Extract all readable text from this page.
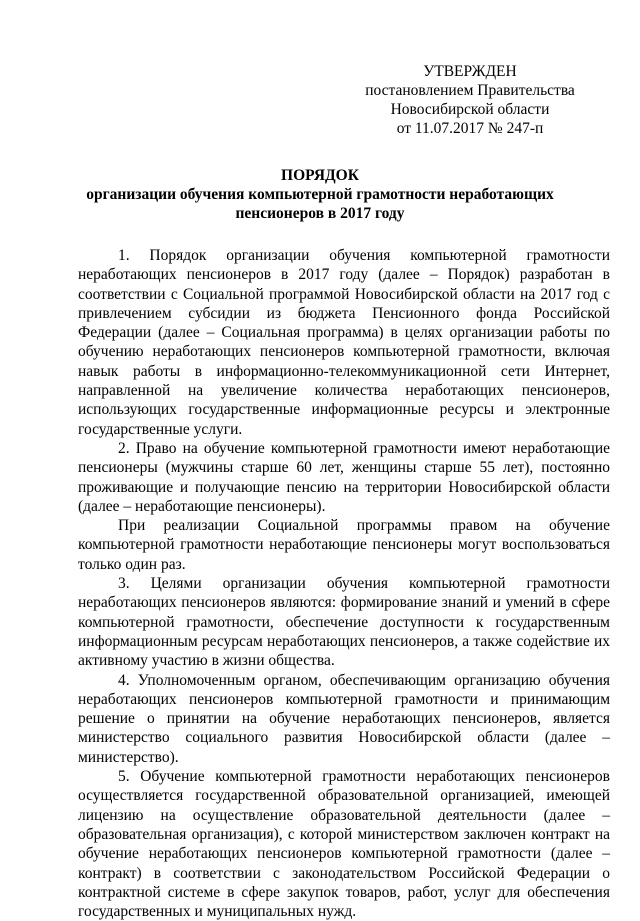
УТВЕРЖДЕН
постановлением Правительства
Новосибирской области
от 11.07.2017 № 247-п
ПОРЯДОК
организации обучения компьютерной грамотности неработающих
пенсионеров в 2017 году

1. Порядок организации обучения компьютерной грамотности неработающих пенсионеров в 2017 году (далее – Порядок) разработан в соответствии с Социальной программой Новосибирской области на 2017 год с привлечением субсидии из бюджета Пенсионного фонда Российской Федерации (далее – Социальная программа) в целях организации работы по обучению неработающих пенсионеров компьютерной грамотности, включая навык работы в информационно-телекоммуникационной сети Интернет, направленной на увеличение количества неработающих пенсионеров, использующих государственные информационные ресурсы и электронные государственные услуги.

2. Право на обучение компьютерной грамотности имеют неработающие пенсионеры (мужчины старше 60 лет, женщины старше 55 лет), постоянно проживающие и получающие пенсию на территории Новосибирской области (далее – неработающие пенсионеры).

При реализации Социальной программы правом на обучение компьютерной грамотности неработающие пенсионеры могут воспользоваться только один раз.

3. Целями организации обучения компьютерной грамотности неработающих пенсионеров являются: формирование знаний и умений в сфере компьютерной грамотности, обеспечение доступности к государственным информационным ресурсам неработающих пенсионеров, а также содействие их активному участию в жизни общества.

4. Уполномоченным органом, обеспечивающим организацию обучения неработающих пенсионеров компьютерной грамотности и принимающим решение о принятии на обучение неработающих пенсионеров, является министерство социального развития Новосибирской области (далее – министерство).

5. Обучение компьютерной грамотности неработающих пенсионеров осуществляется государственной образовательной организацией, имеющей лицензию на осуществление образовательной деятельности (далее – образовательная организация), с которой министерством заключен контракт на обучение неработающих пенсионеров компьютерной грамотности (далее – контракт) в соответствии с законодательством Российской Федерации о контрактной системе в сфере закупок товаров, работ, услуг для обеспечения государственных и муниципальных нужд.
